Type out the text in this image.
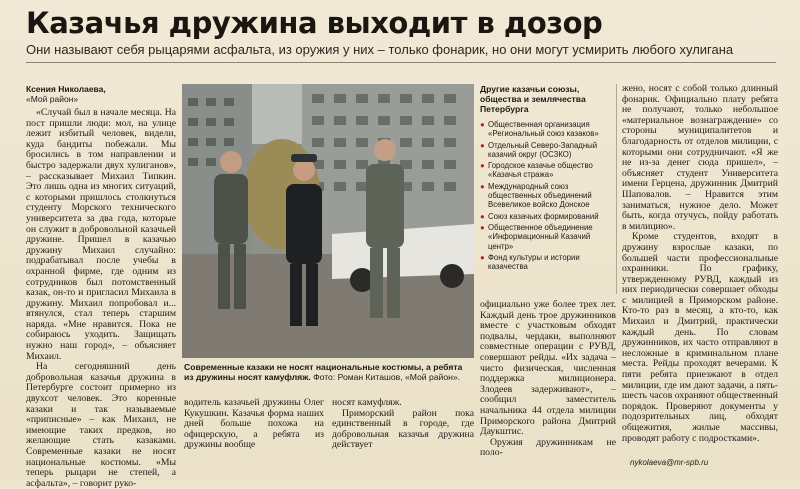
Казачья дружина выходит в дозор
Они называют себя рыцарями асфальта, из оружия у них – только фонарик, но они могут усмирить любого хулигана
Ксения Николаева,
«Мой район»

«Случай был в начале месяца. На пост пришли люди: мол, на улице лежит избитый человек, видели, куда бандиты побежали. Мы бросились в том направлении и быстро задержали двух хулиганов», – рассказывает Михаил Типкин. Это лишь одна из многих ситуаций, с которыми пришлось столкнуться студенту Морского технического университета за два года, которые он служит в добровольной казачьей дружине. Пришел в казачью дружину Михаил случайно: подрабатывал после учебы в охранной фирме, где одним из сотрудников был потомственный казак, он-то и пригласил Михаила в дружину. Михаил попробовал и... втянулся, стал теперь старшим наряда. «Мне нравится. Пока не собираюсь уходить. Защищать нужно наш город», – объясняет Михаил.

На сегодняшний день добровольная казачья дружина в Петербурге состоит примерно из двухсот человек. Это коренные казаки и так называемые «приписные» – как Михаил, не имеющие таких предков, но желающие стать казаками. Современные казаки не носят национальные костюмы. «Мы теперь рыцари не степей, а асфальта», – говорит руко-

Современные казаки не носят национальные костюмы, а ребята из дружины носят камуфляж. Фото: Роман Киташов, «Мой район».

водитель казачьей дружины Олег Кукушкин. Казачья форма наших дней больше похожа на офицерскую, а ребята из дружины вообще

носят камуфляж.

Приморский район пока единственный в городе, где добровольная казачья дружина действует

Другие казачьи союзы, общества и землячества Петербурга
● Общественная организация «Региональный союз казаков»
● Отдельный Северо-Западный казачий округ (ОСЗКО)
● Городское казачье общество «Казачья стража»
● Международный союз общественных объединений Всевеликое войско Донское
● Союз казачьих формирований
● Общественное объединение «Информационный Казачий центр»
● Фонд культуры и истории казачества

официально уже более трех лет. Каждый день трое дружинников вместе с участковым обходят подвалы, чердаки, выполняют совместные операции с РУВД, совершают рейды. «Их задача – чисто физическая, численная поддержка милиционера. Злодеев задерживают», – сообщил заместитель начальника 44 отдела милиции Приморского района Дмитрий Даукштис.

Оружия дружинникам не поло-

жено, носят с собой только длинный фонарик. Официально плату ребята не получают, только небольшое «материальное вознаграждение» со стороны муниципалитетов и благодарность от отделов милиции, с которыми они сотрудничают. «Я же не из-за денег сюда пришел», – объясняет студент Университета имени Герцена, дружинник Дмитрий Шаповалов. – Нравится этим заниматься, нужное дело. Может быть, когда отучусь, пойду работать в милицию».

Кроме студентов, входят в дружину взрослые казаки, по большей части профессиональные охранники. По графику, утвержденному РУВД, каждый из них периодически совершает обходы с милицией в Приморском районе. Кто-то раз в месяц, а кто-то, как Михаил и Дмитрий, практически каждый день. По словам дружинников, их часто отправляют в несложные в криминальном плане места. Рейды проходят вечерами. К пяти ребята приезжают в отдел милиции, где им дают задачи, а пять-шесть часов охраняют общественный порядок. Проверяют документы у подозрительных лиц, обходят общежития, жилые массивы, проводят работу с подростками».

nykolaeva@mr-spb.ru
